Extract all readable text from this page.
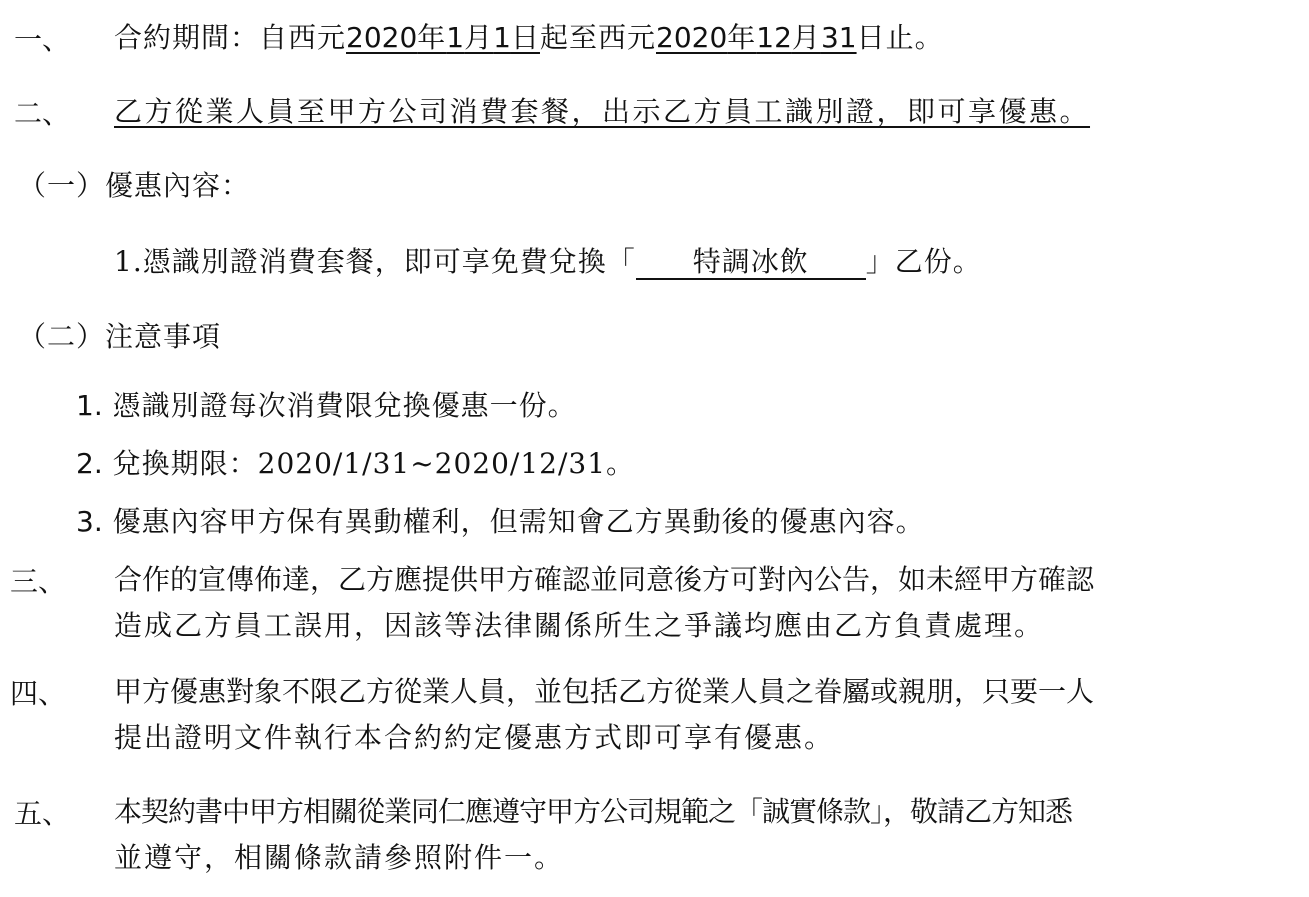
一、 合約期間：自西元2020年1月1日起至西元2020年12月31日止。
二、 乙方從業人員至甲方公司消費套餐，出示乙方員工識別證，即可享優惠。
（一）優惠內容：
1.憑識別證消費套餐，即可享免費兌換「 特調冰飲 」乙份。
（二）注意事項
1. 憑識別證每次消費限兌換優惠一份。
2. 兌換期限：2020/1/31~2020/12/31。
3. 優惠內容甲方保有異動權利，但需知會乙方異動後的優惠內容。
三、 合作的宣傳佈達，乙方應提供甲方確認並同意後方可對內公告，如未經甲方確認
造成乙方員工誤用，因該等法律關係所生之爭議均應由乙方負責處理。
四、 甲方優惠對象不限乙方從業人員，並包括乙方從業人員之眷屬或親朋，只要一人
提出證明文件執行本合約約定優惠方式即可享有優惠。
五、 本契約書中甲方相關從業同仁應遵守甲方公司規範之「誠實條款」，敬請乙方知悉
並遵守，相關條款請參照附件一。
